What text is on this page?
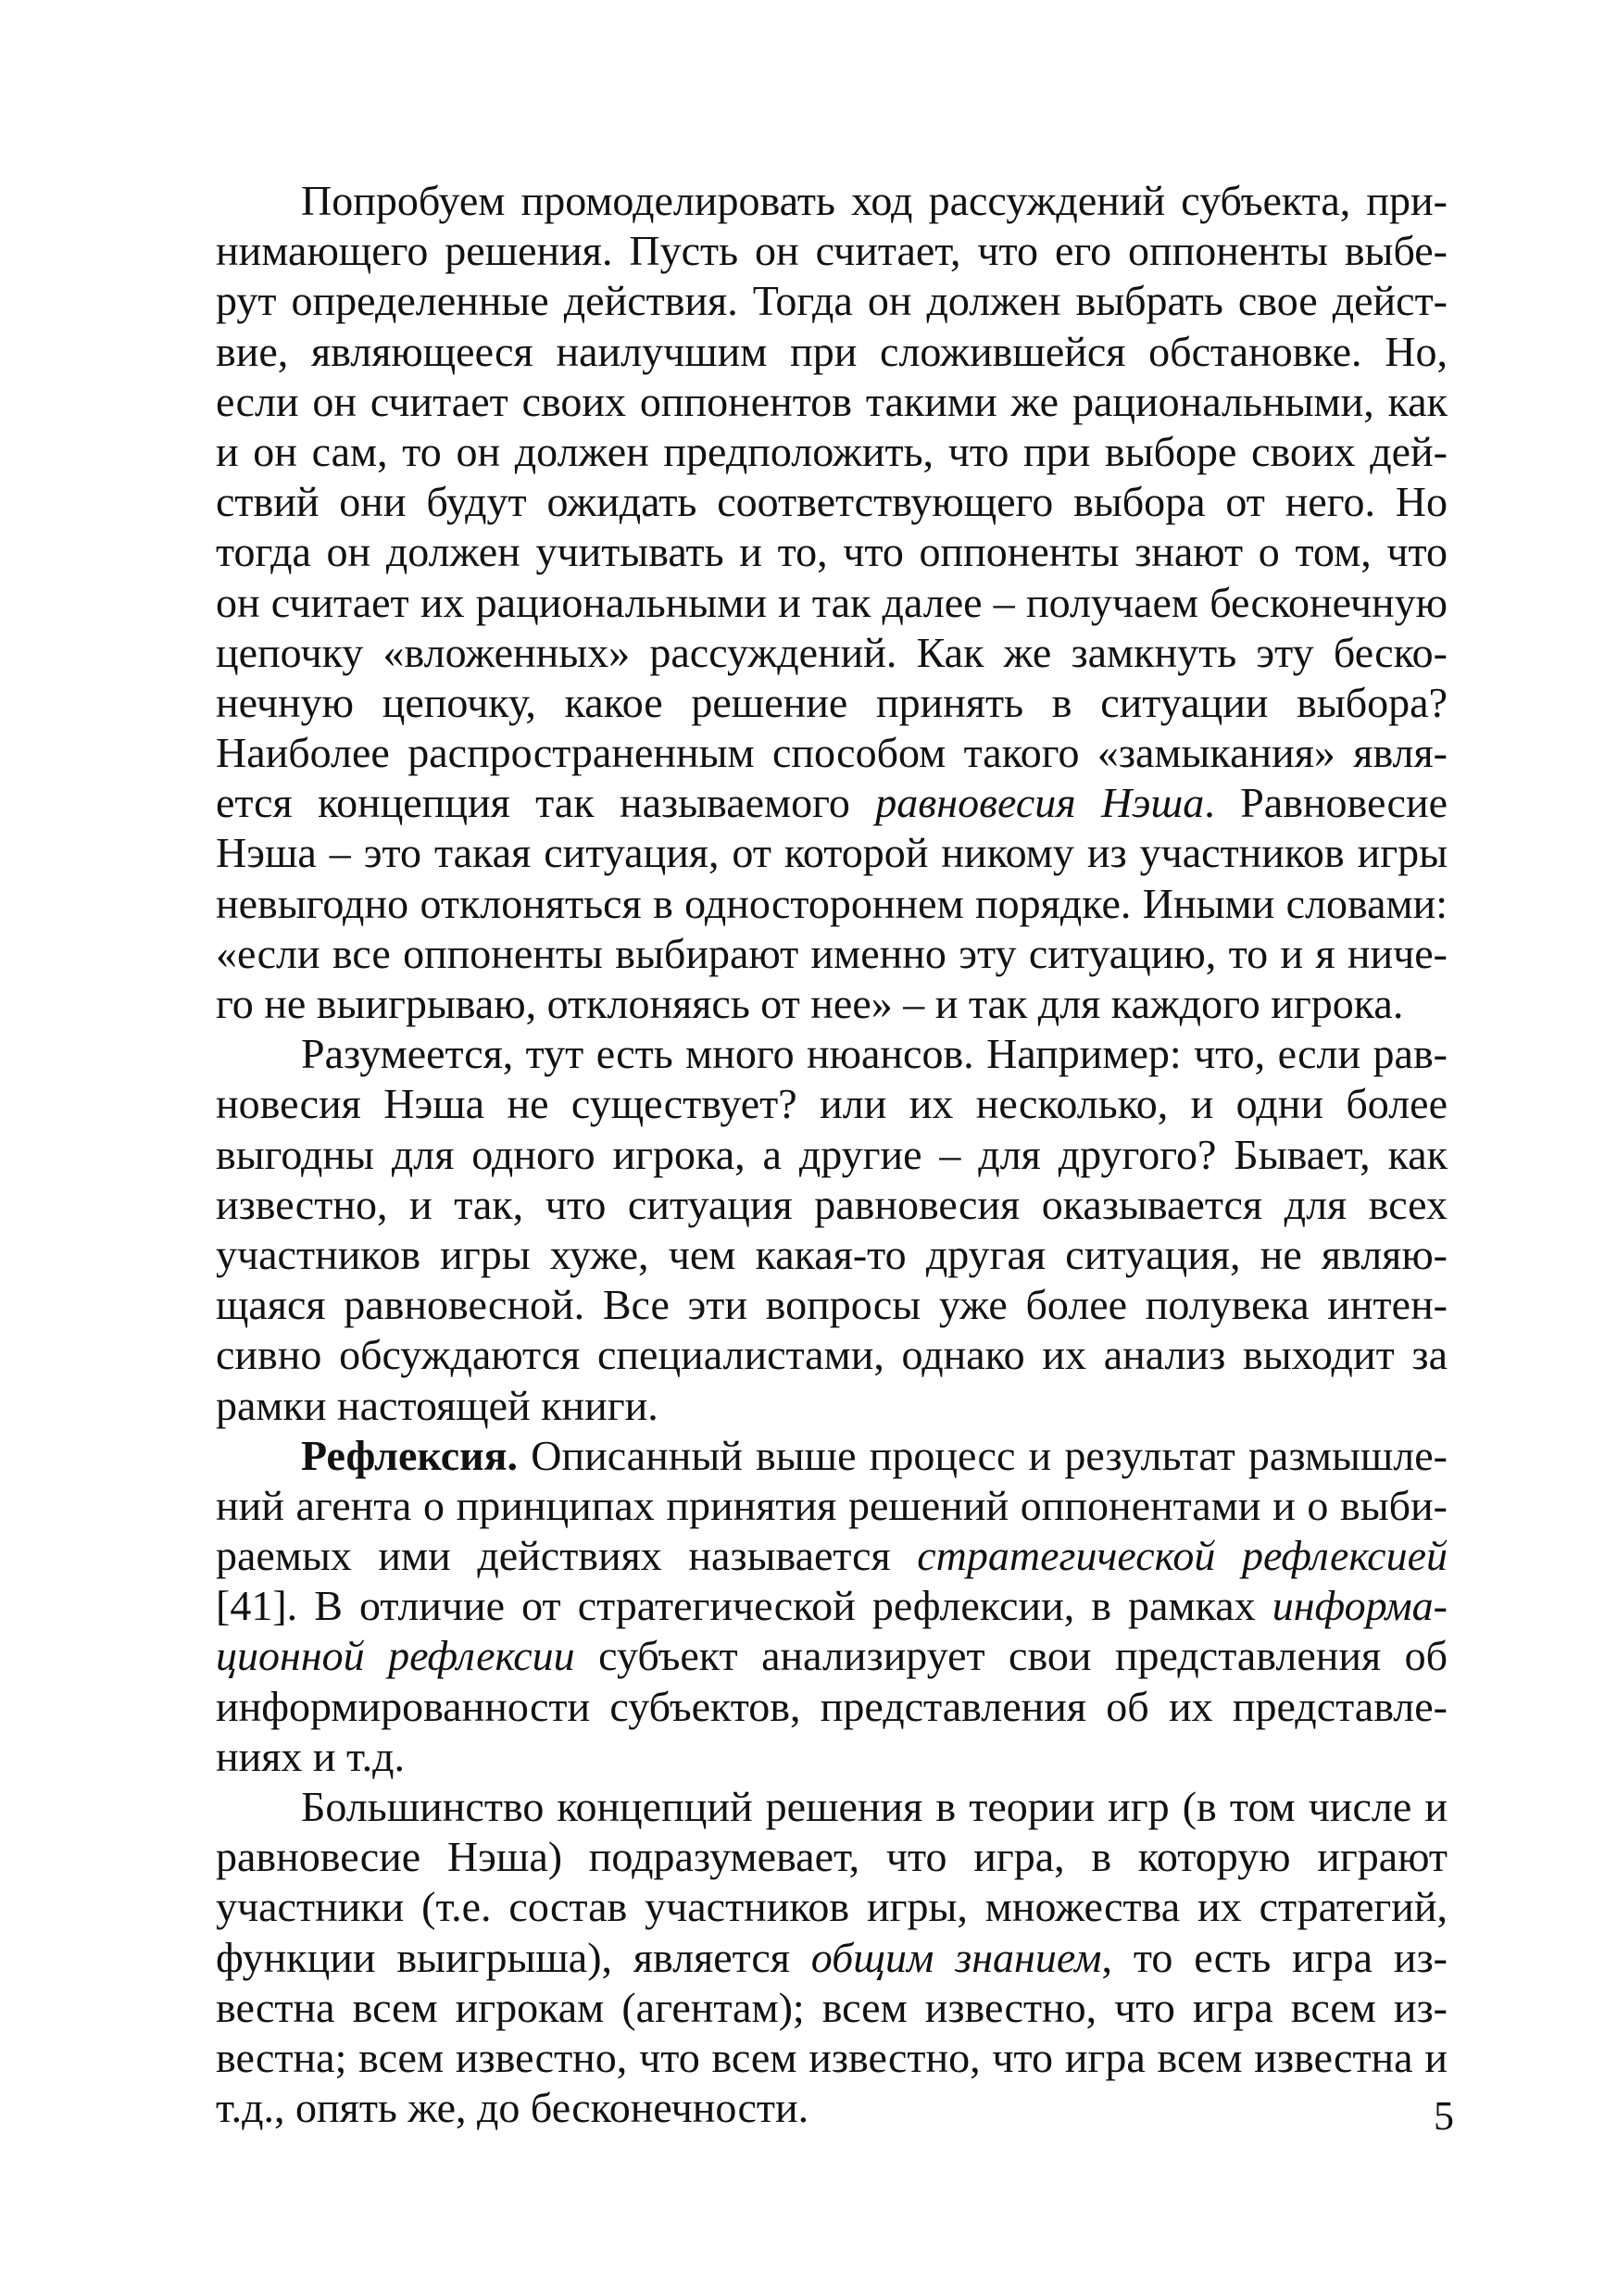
Попробуем промоделировать ход рассуждений субъекта, при-
нимающего решения. Пусть он считает, что его оппоненты выбе-
рут определенные действия. Тогда он должен выбрать свое дейст-
вие, являющееся наилучшим при сложившейся обстановке. Но,
если он считает своих оппонентов такими же рациональными, как
и он сам, то он должен предположить, что при выборе своих дей-
ствий они будут ожидать соответствующего выбора от него. Но
тогда он должен учитывать и то, что оппоненты знают о том, что
он считает их рациональными и так далее – получаем бесконечную
цепочку «вложенных» рассуждений. Как же замкнуть эту беско-
нечную цепочку, какое решение принять в ситуации выбора?
Наиболее распространенным способом такого «замыкания» явля-
ется концепция так называемого равновесия Нэша. Равновесие
Нэша – это такая ситуация, от которой никому из участников игры
невыгодно отклоняться в одностороннем порядке. Иными словами:
«если все оппоненты выбирают именно эту ситуацию, то и я ниче-
го не выигрываю, отклоняясь от нее» – и так для каждого игрока.
Разумеется, тут есть много нюансов. Например: что, если рав-
новесия Нэша не существует? или их несколько, и одни более
выгодны для одного игрока, а другие – для другого? Бывает, как
известно, и так, что ситуация равновесия оказывается для всех
участников игры хуже, чем какая-то другая ситуация, не являю-
щаяся равновесной. Все эти вопросы уже более полувека интен-
сивно обсуждаются специалистами, однако их анализ выходит за
рамки настоящей книги.
Рефлексия. Описанный выше процесс и результат размышле-
ний агента о принципах принятия решений оппонентами и о выби-
раемых ими действиях называется стратегической рефлексией
[41]. В отличие от стратегической рефлексии, в рамках информа-
ционной рефлексии субъект анализирует свои представления об
информированности субъектов, представления об их представле-
ниях и т.д.
Большинство концепций решения в теории игр (в том числе и
равновесие Нэша) подразумевает, что игра, в которую играют
участники (т.е. состав участников игры, множества их стратегий,
функции выигрыша), является общим знанием, то есть игра из-
вестна всем игрокам (агентам); всем известно, что игра всем из-
вестна; всем известно, что всем известно, что игра всем известна и
т.д., опять же, до бесконечности.	5
